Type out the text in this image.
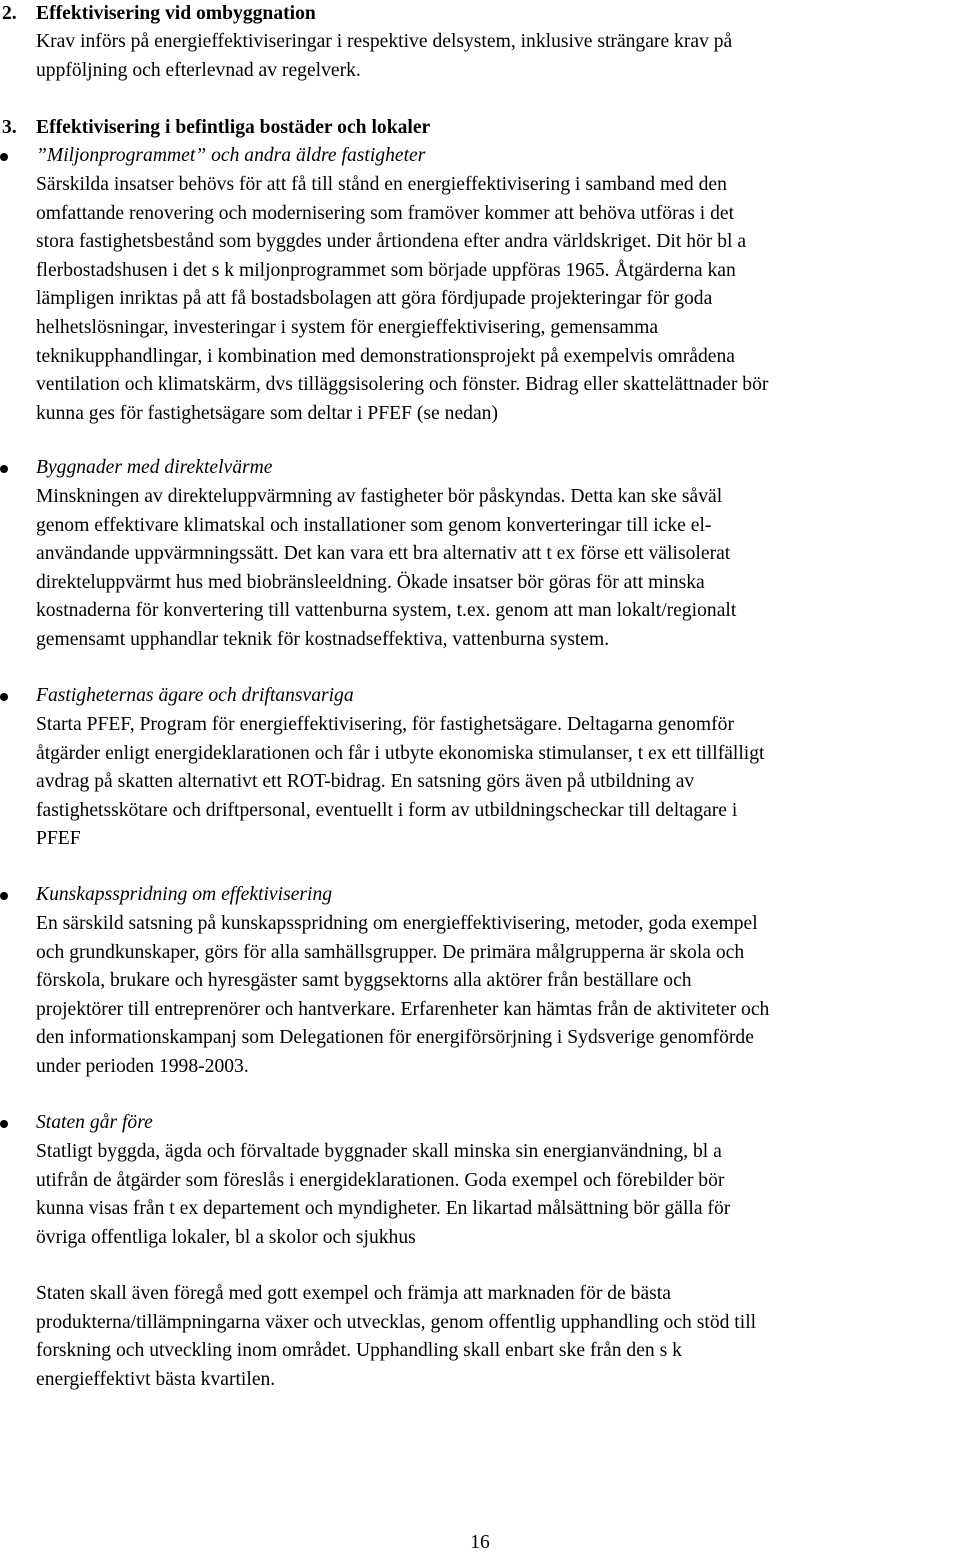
2. Effektivisering vid ombyggnation
Krav införs på energieffektiviseringar i respektive delsystem, inklusive strängare krav på
uppföljning och efterlevnad av regelverk.
3. Effektivisering i befintliga bostäder och lokaler
”Miljonprogrammet” och andra äldre fastigheter
Särskilda insatser behövs för att få till stånd en energieffektivisering i samband med den
omfattande renovering och modernisering som framöver kommer att behöva utföras i det
stora fastighetsbestånd som byggdes under årtiondena efter andra världskriget. Dit hör bl a
flerbostadshusen i det s k miljonprogrammet som började uppföras 1965. Åtgärderna kan
lämpligen inriktas på att få bostadsbolagen att göra fördjupade projekteringar för goda
helhetslösningar, investeringar i system för energieffektivisering, gemensamma
teknikupphandlingar, i kombination med demonstrationsprojekt på exempelvis områdena
ventilation och klimatskärm, dvs tilläggsisolering och fönster. Bidrag eller skattelättnader bör
kunna ges för fastighetsägare som deltar i PFEF (se nedan)
Byggnader med direktelvärme
Minskningen av direkteluppvärmning av fastigheter bör påskyndas. Detta kan ske såväl
genom effektivare klimatskal och installationer som genom konverteringar till icke el-
användande uppvärmningssätt. Det kan vara ett bra alternativ att t ex förse ett välisolerat
direkteluppvärmt hus med biobränsleeldning. Ökade insatser bör göras för att minska
kostnaderna för konvertering till vattenburna system, t.ex. genom att man lokalt/regionalt
gemensamt upphandlar teknik för kostnadseffektiva, vattenburna system.
Fastigheternas ägare och driftansvariga
Starta PFEF, Program för energieffektivisering, för fastighetsägare. Deltagarna genomför
åtgärder enligt energideklarationen och får i utbyte ekonomiska stimulanser, t ex ett tillfälligt
avdrag på skatten alternativt ett ROT-bidrag. En satsning görs även på utbildning av
fastighetsskötare och driftpersonal, eventuellt i form av utbildningscheckar till deltagare i
PFEF
Kunskapsspridning om effektivisering
En särskild satsning på kunskapsspridning om energieffektivisering, metoder, goda exempel
och grundkunskaper, görs för alla samhällsgrupper. De primära målgrupperna är skola och
förskola, brukare och hyresgäster samt byggsektorns alla aktörer från beställare och
projektörer till entreprenörer och hantverkare. Erfarenheter kan hämtas från de aktiviteter och
den informationskampanj som Delegationen för energiförsörjning i Sydsverige genomförde
under perioden 1998-2003.
Staten går före
Statligt byggda, ägda och förvaltade byggnader skall minska sin energianvändning, bl a
utifrån de åtgärder som föreslås i energideklarationen. Goda exempel och förebilder bör
kunna visas från t ex departement och myndigheter. En likartad målsättning bör gälla för
övriga offentliga lokaler, bl a skolor och sjukhus
Staten skall även föregå med gott exempel och främja att marknaden för de bästa
produkterna/tillämpningarna växer och utvecklas, genom offentlig upphandling och stöd till
forskning och utveckling inom området. Upphandling skall enbart ske från den s k
energieffektivt bästa kvartilen.
16
